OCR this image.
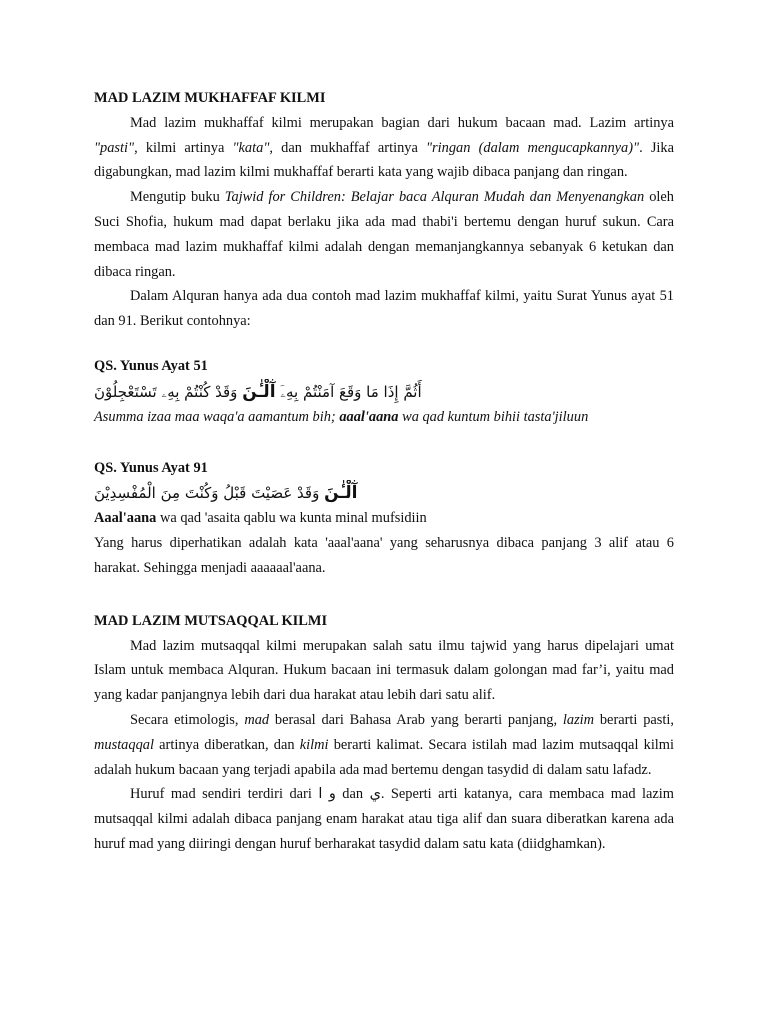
MAD LAZIM MUKHAFFAF KILMI

Mad lazim mukhaffaf kilmi merupakan bagian dari hukum bacaan mad. Lazim artinya "pasti", kilmi artinya "kata", dan mukhaffaf artinya "ringan (dalam mengucapkannya)". Jika digabungkan, mad lazim kilmi mukhaffaf berarti kata yang wajib dibaca panjang dan ringan.

Mengutip buku Tajwid for Children: Belajar baca Alquran Mudah dan Menyenangkan oleh Suci Shofia, hukum mad dapat berlaku jika ada mad thabi'i bertemu dengan huruf sukun. Cara membaca mad lazim mukhaffaf kilmi adalah dengan memanjangkannya sebanyak 6 ketukan dan dibaca ringan.

Dalam Alquran hanya ada dua contoh mad lazim mukhaffaf kilmi, yaitu Surat Yunus ayat 51 dan 91. Berikut contohnya:

QS. Yunus Ayat 51
أَثُمَّ إِذَا مَا وَقَعَ آمَنْتُمْ بِهِۦٓ آٰلْـٰٔنَ وَقَدْ كُنْتُمْ بِهِۦ تَسْتَعْجِلُوْنَ
Asumma izaa maa waqa'a aamantum bih; aaal'aana wa qad kuntum bihii tasta'jiluun
QS. Yunus Ayat 91
آٰلْـٰٔنَ وَقَدْ عَصَيْتَ قَبْلُ وَكُنْتَ مِنَ الْمُفْسِدِيْنَ
Aaal'aana wa qad 'asaita qablu wa kunta minal mufsidiin
Yang harus diperhatikan adalah kata 'aaal'aana' yang seharusnya dibaca panjang 3 alif atau 6 harakat. Sehingga menjadi aaaaaal'aana.
MAD LAZIM MUTSAQQAL KILMI

Mad lazim mutsaqqal kilmi merupakan salah satu ilmu tajwid yang harus dipelajari umat Islam untuk membaca Alquran. Hukum bacaan ini termasuk dalam golongan mad far’i, yaitu mad yang kadar panjangnya lebih dari dua harakat atau lebih dari satu alif.

Secara etimologis, mad berasal dari Bahasa Arab yang berarti panjang, lazim berarti pasti, mustaqqal artinya diberatkan, dan kilmi berarti kalimat. Secara istilah mad lazim mutsaqqal kilmi adalah hukum bacaan yang terjadi apabila ada mad bertemu dengan tasydid di dalam satu lafadz.

Huruf mad sendiri terdiri dari و ا dan ي. Seperti arti katanya, cara membaca mad lazim mutsaqqal kilmi adalah dibaca panjang enam harakat atau tiga alif dan suara diberatkan karena ada huruf mad yang diiringi dengan huruf berharakat tasydid dalam satu kata (diidghamkan).
